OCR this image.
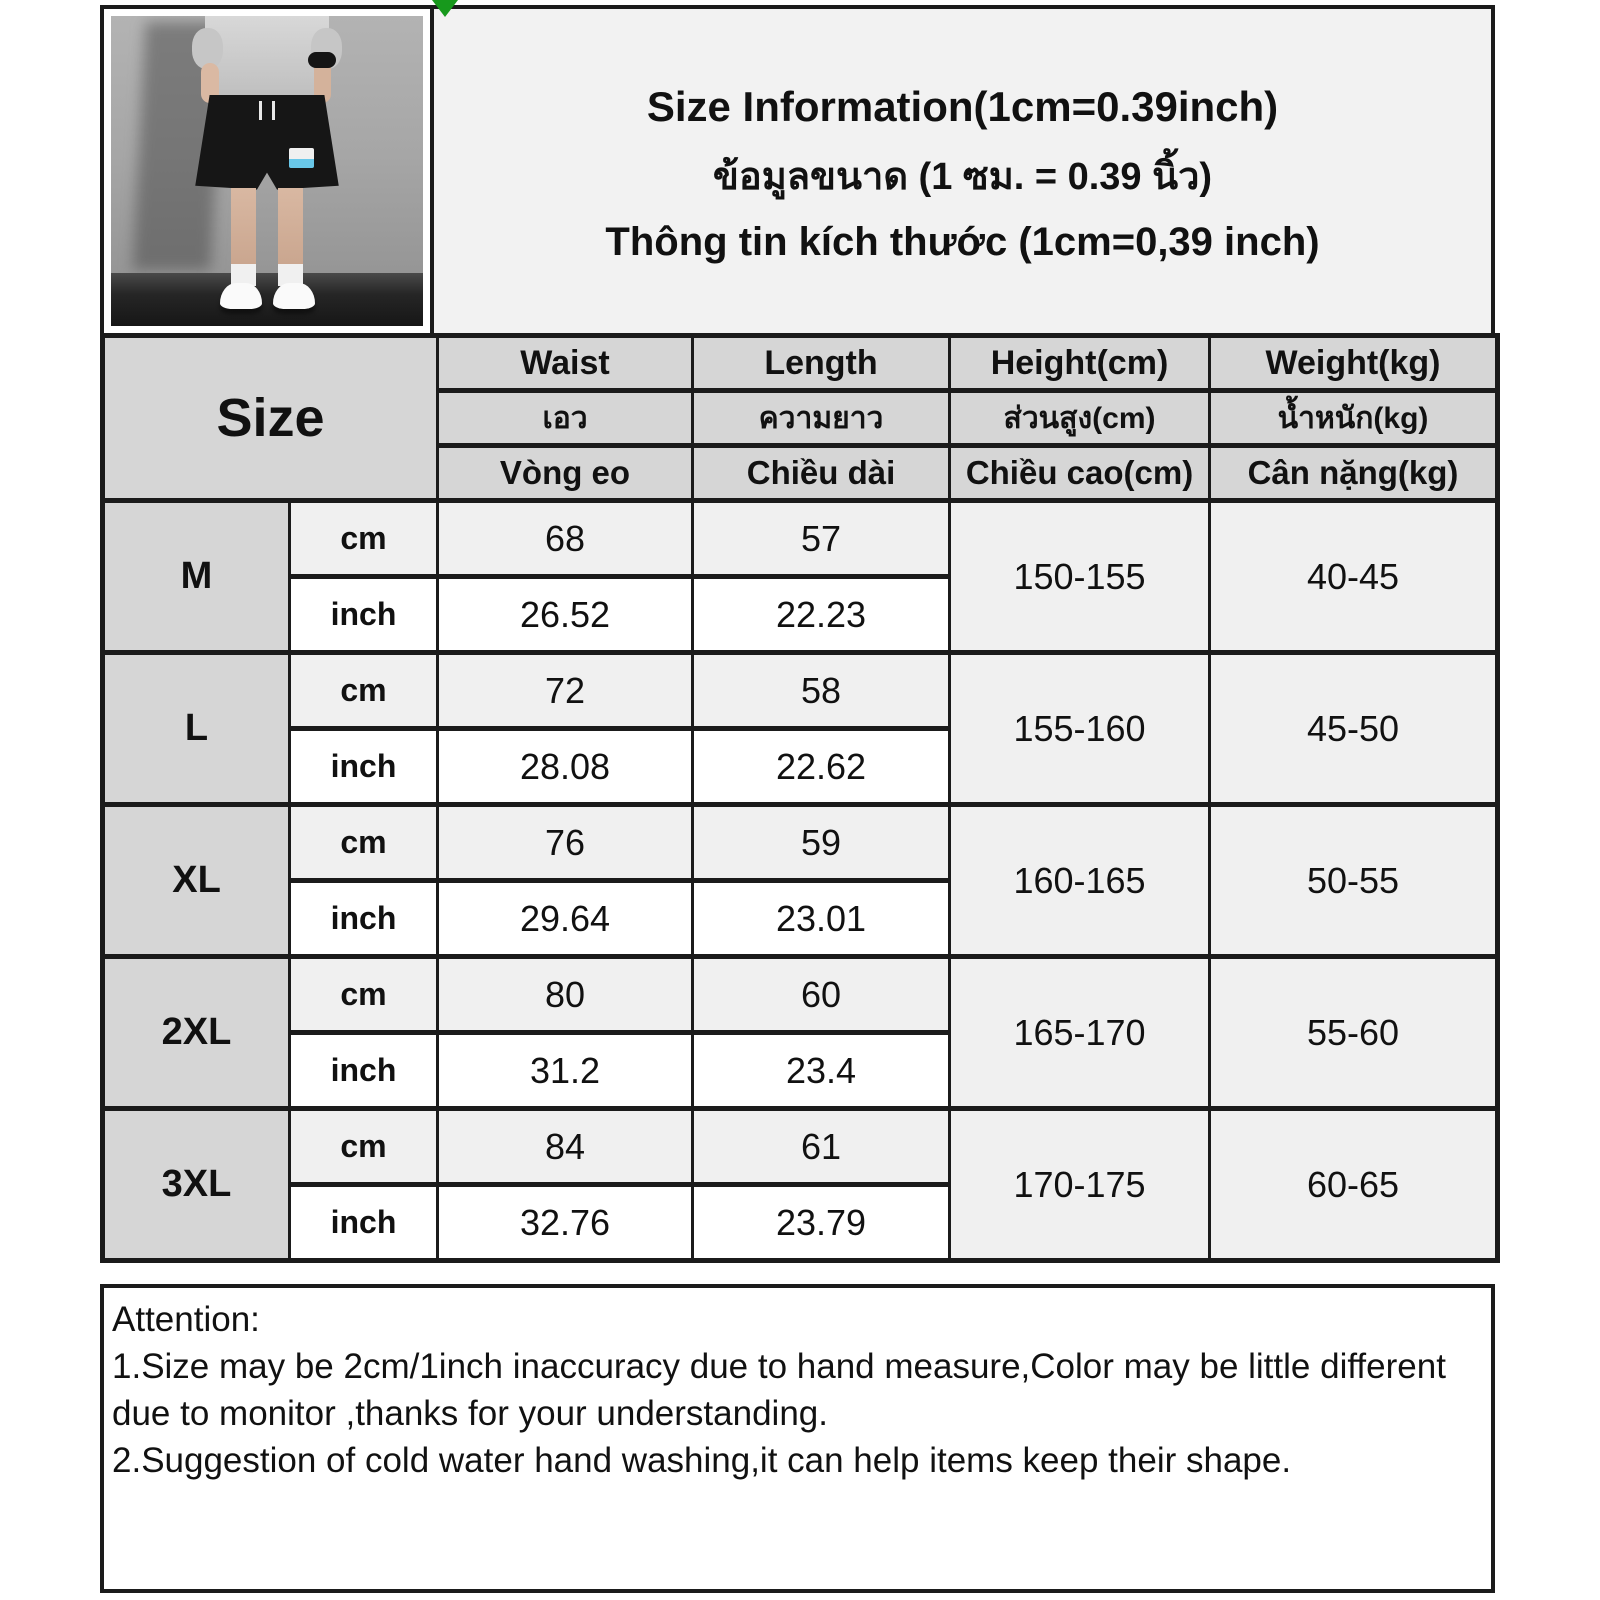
Size Information(1cm=0.39inch)
ข้อมูลขนาด (1 ซม. = 0.39 นิ้ว)
Thông tin kích thước (1cm=0,39 inch)
Size		Waist	Length	Height(cm)	Weight(kg)
		เอว	ความยาว	ส่วนสูง(cm)	น้ำหนัก(kg)
		Vòng eo	Chiều dài	Chiều cao(cm)	Cân nặng(kg)
M	cm	68	57	150-155	40-45
	inch	26.52	22.23		
L	cm	72	58	155-160	45-50
	inch	28.08	22.62		
XL	cm	76	59	160-165	50-55
	inch	29.64	23.01		
2XL	cm	80	60	165-170	55-60
	inch	31.2	23.4		
3XL	cm	84	61	170-175	60-65
	inch	32.76	23.79		

Attention:

1.Size may be 2cm/1inch inaccuracy due to hand measure,Color may be little different due to monitor ,thanks for your understanding.

2.Suggestion of cold water hand washing,it can help items keep their shape.
